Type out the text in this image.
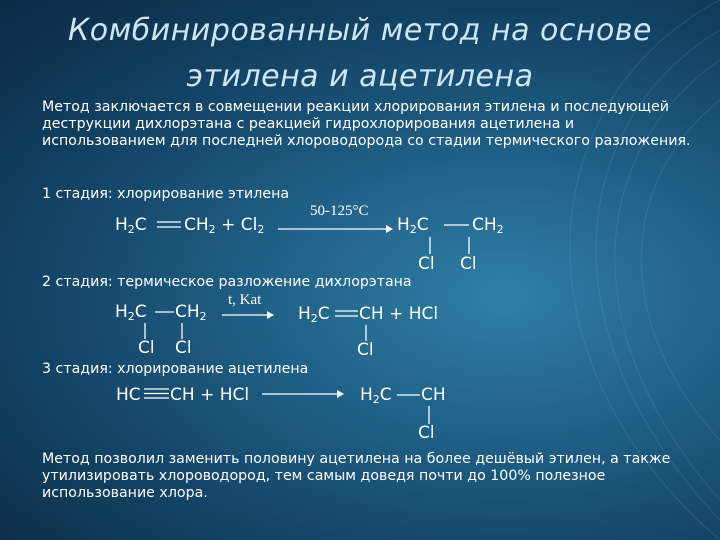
Комбинированный метод на основе этилена и ацетилена
Метод заключается в совмещении реакции хлорирования этилена и последующей деструкции дихлорэтана с реакцией гидрохлорирования ацетилена и использованием для последней хлороводорода со стадии термического разложения.
1 стадия: хлорирование этилена
$H_2C$ $CH_2 + Cl_2$
50-125°C
$H_2C$	$CH_2$
Cl Cl
2 стадия: термическое разложение дихлорэтана
$H_2C$ $CH_2$
Cl Cl
t, Kat
→ $H_2C$ CH + HCl
Cl
3 стадия: хлорирование ацетилена
HC CH + HCl	$H_2C$ CH
Cl
Метод позволил заменить половину ацетилена на более дешёвый этилен, а также утилизировать хлороводород, тем самым доведя почти до 100% полезное использование хлора.
